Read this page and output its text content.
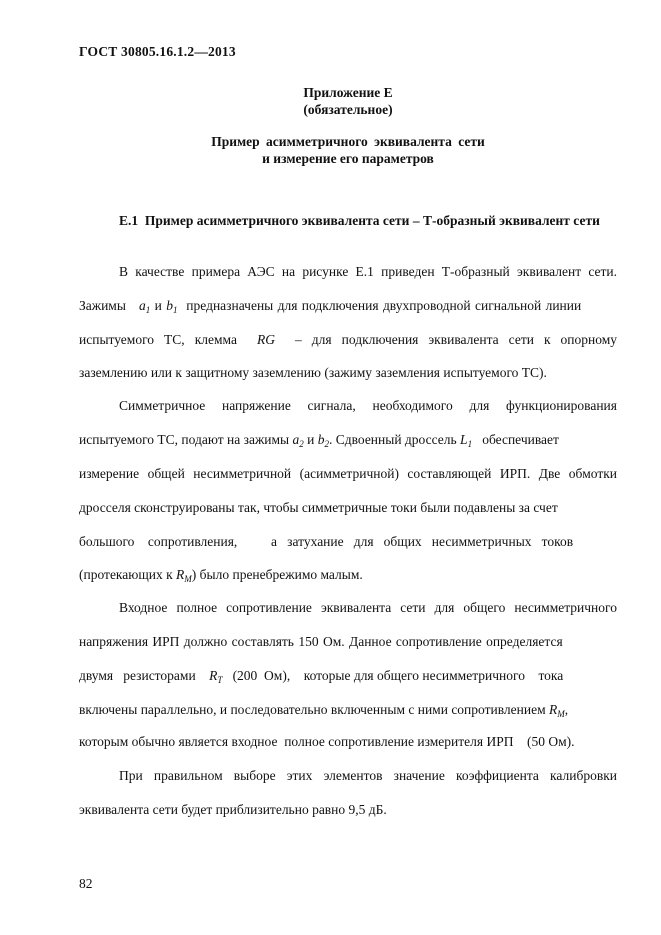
ГОСТ 30805.16.1.2—2013
Приложение Е
(обязательное)
Пример асимметричного эквивалента сети
и измерение его параметров
Е.1 Пример асимметричного эквивалента сети – Т-образный эквивалент сети
В качестве примера АЭС на рисунке Е.1 приведен Т-образный эквивалент сети.
Зажимы $a_1$ и $b_1$ предназначены для подключения двухпроводной сигнальной линии
испытуемого ТС, клемма RG – для подключения эквивалента сети к опорному
заземлению или к защитному заземлению (зажиму заземления испытуемого ТС).
Симметричное напряжение сигнала, необходимого для функционирования
испытуемого ТС, подают на зажимы $a_2$ и $b_2$. Сдвоенный дроссель $L_1$ обеспечивает
измерение общей несимметричной (асимметричной) составляющей ИРП. Две обмотки
дросселя сконструированы так, чтобы симметричные токи были подавлены за счет
большого    сопротивления,          а   затухание   для   общих   несимметричных   токов
(протекающих к $R_M$) было пренебрежимо малым.
Входное полное сопротивление эквивалента сети для общего несимметричного
напряжения ИРП должно составлять 150 Ом. Данное сопротивление определяется
двумя   резисторами $R_T$ (200  Ом),    которые для общего несимметричного    тока
включены параллельно, и последовательно включенным с ними сопротивлением $R_M$,
которым обычно является входное  полное сопротивление измерителя ИРП    (50 Ом).
При правильном выборе этих элементов значение коэффициента калибровки
эквивалента сети будет приблизительно равно 9,5 дБ.
82
